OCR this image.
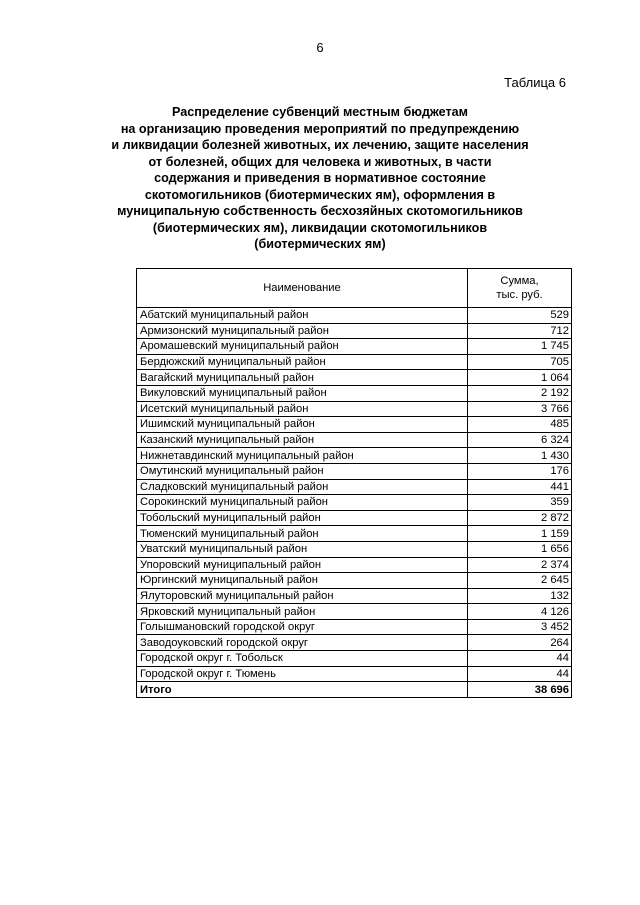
6
Таблица 6
Распределение субвенций местным бюджетам
на организацию проведения мероприятий по предупреждению
и ликвидации болезней животных, их лечению, защите населения
от болезней, общих для человека и животных, в части
содержания и приведения в нормативное состояние
скотомогильников (биотермических ям), оформления в
муниципальную собственность бесхозяйных скотомогильников
(биотермических ям), ликвидации скотомогильников
(биотермических ям)
Наименование	Сумма,
тыс. руб.

Абатский муниципальный район	529
Армизонский муниципальный район	712
Аромашевский муниципальный район	1 745
Бердюжский муниципальный район	705
Вагайский муниципальный район	1 064
Викуловский муниципальный район	2 192
Исетский муниципальный район	3 766
Ишимский муниципальный район	485
Казанский муниципальный район	6 324
Нижнетавдинский муниципальный район	1 430
Омутинский муниципальный район	176
Сладковский муниципальный район	441
Сорокинский муниципальный район	359
Тобольский муниципальный район	2 872
Тюменский муниципальный район	1 159
Уватский муниципальный район	1 656
Упоровский муниципальный район	2 374
Юргинский муниципальный район	2 645
Ялуторовский муниципальный район	132
Ярковский муниципальный район	4 126
Голышмановский городской округ	3 452
Заводоуковский городской округ	264
Городской округ г. Тобольск	44
Городской округ г. Тюмень	44
Итого	38 696
